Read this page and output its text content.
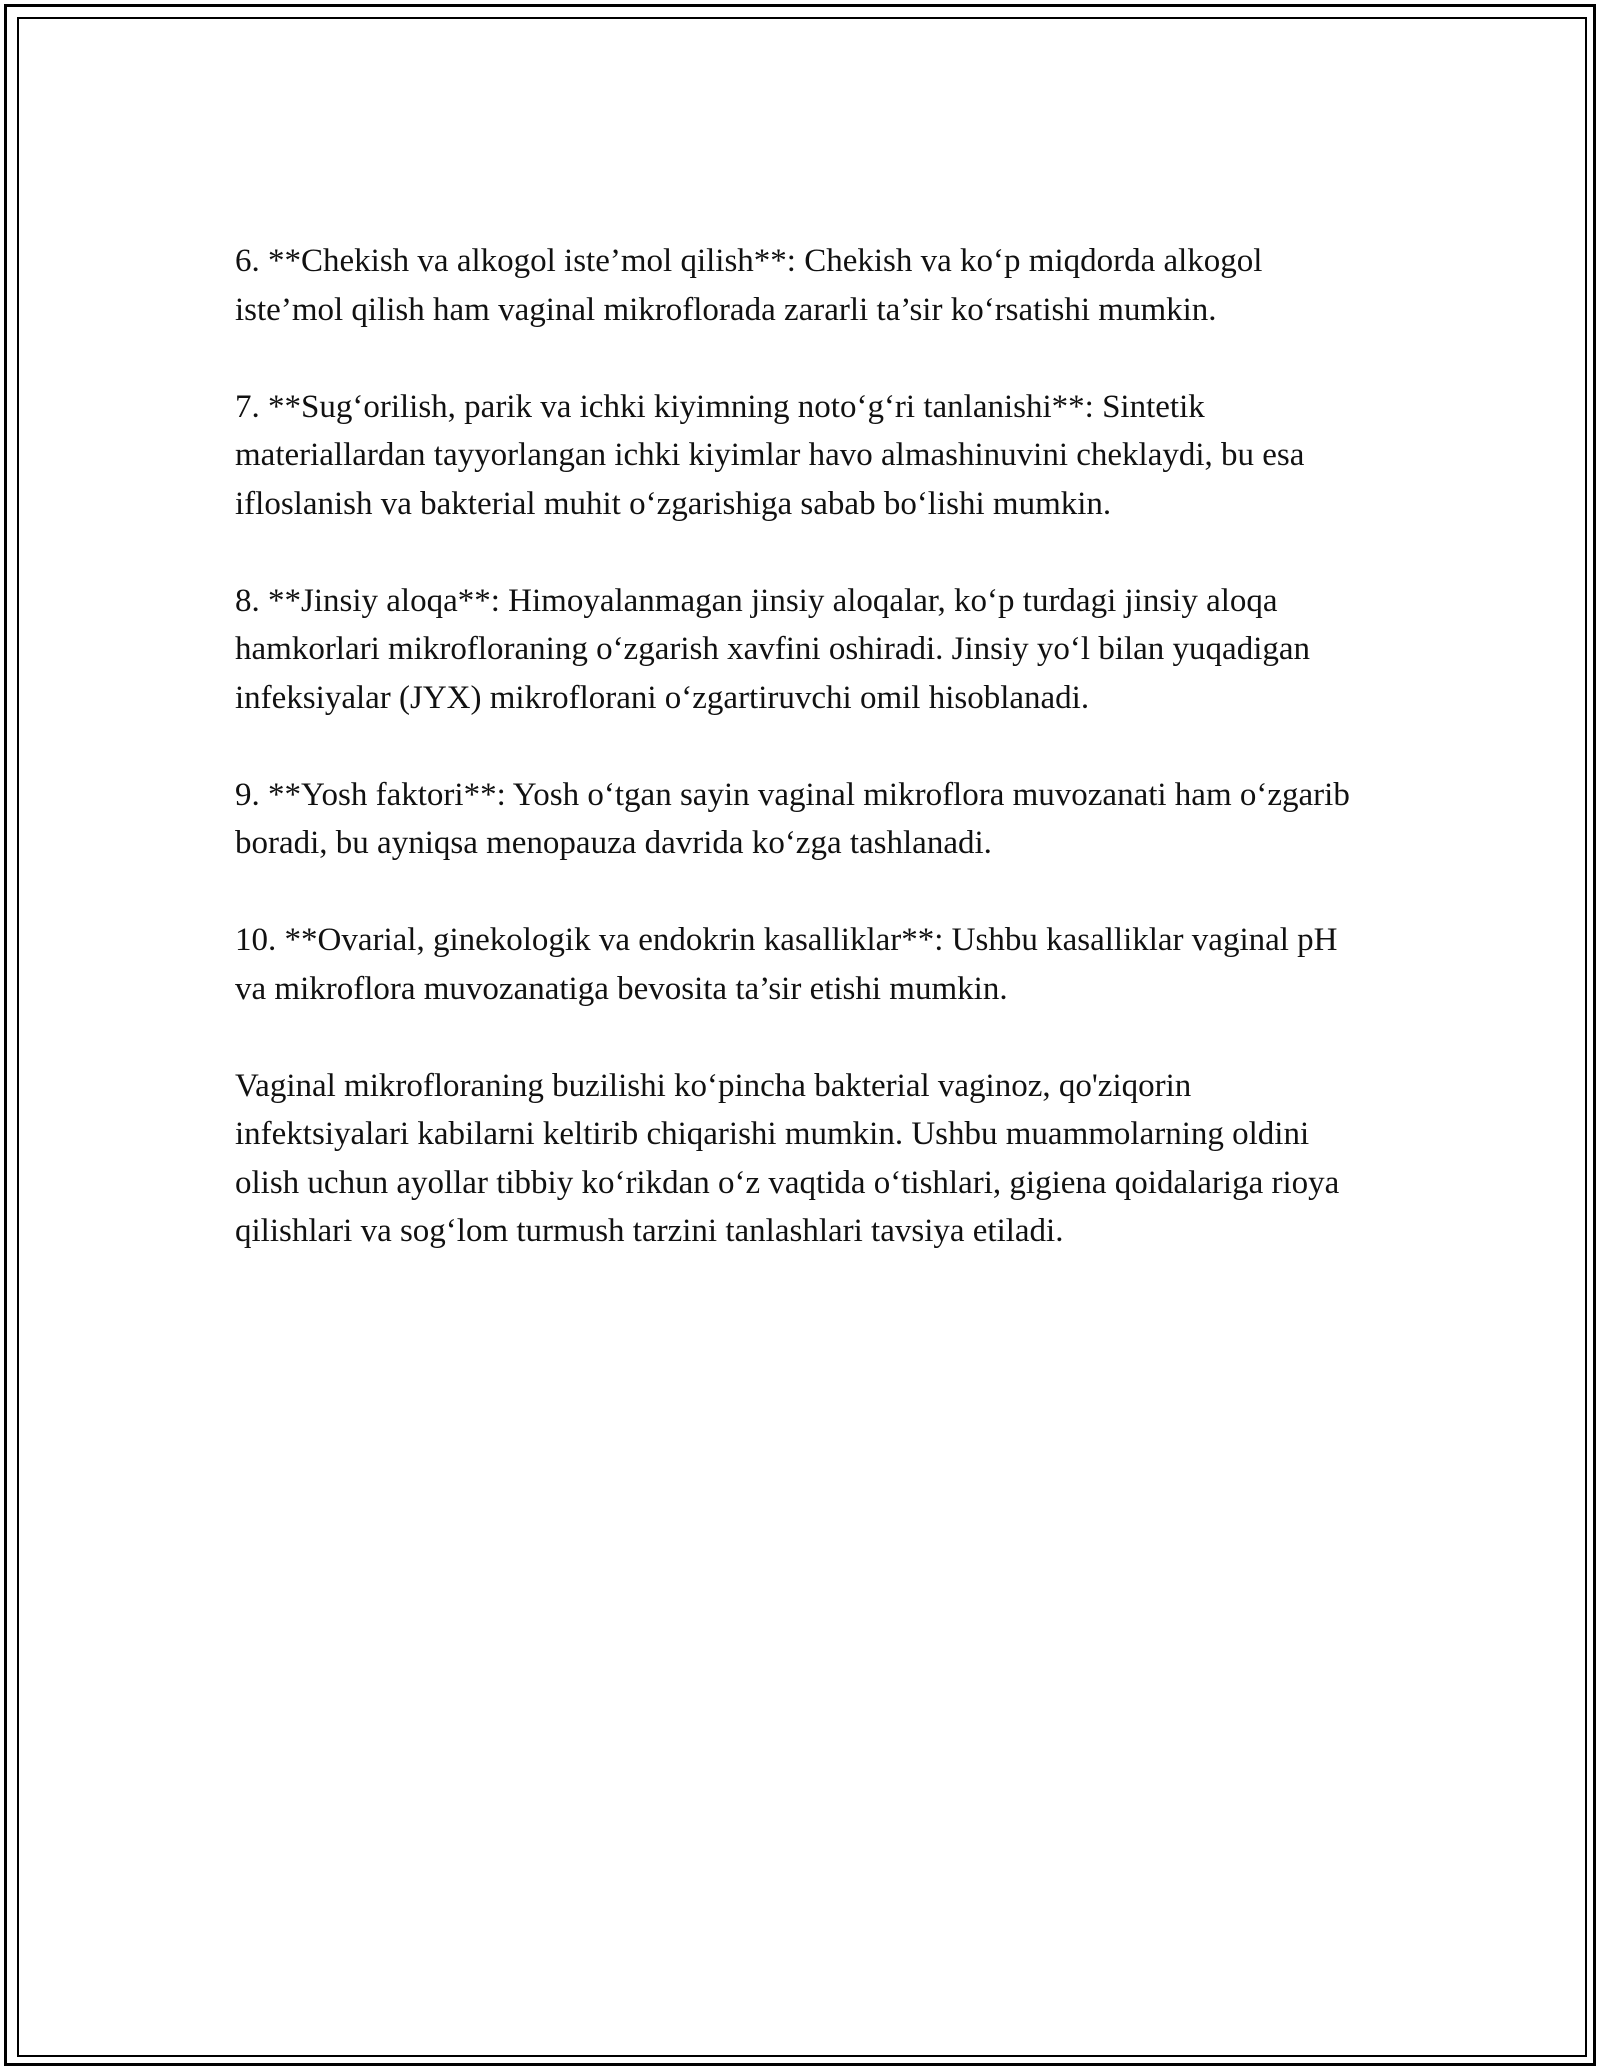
6. **Chekish va alkogol iste’mol qilish**: Chekish va ko‘p miqdorda alkogol iste’mol qilish ham vaginal mikroflorada zararli ta’sir ko‘rsatishi mumkin.

7. **Sug‘orilish, parik va ichki kiyimning noto‘g‘ri tanlanishi**: Sintetik materiallardan tayyorlangan ichki kiyimlar havo almashinuvini cheklaydi, bu esa ifloslanish va bakterial muhit o‘zgarishiga sabab bo‘lishi mumkin.

8. **Jinsiy aloqa**: Himoyalanmagan jinsiy aloqalar, ko‘p turdagi jinsiy aloqa hamkorlari mikrofloraning o‘zgarish xavfini oshiradi. Jinsiy yo‘l bilan yuqadigan infeksiyalar (JYX) mikroflorani o‘zgartiruvchi omil hisoblanadi.

9. **Yosh faktori**: Yosh o‘tgan sayin vaginal mikroflora muvozanati ham o‘zgarib boradi, bu ayniqsa menopauza davrida ko‘zga tashlanadi.

10. **Ovarial, ginekologik va endokrin kasalliklar**: Ushbu kasalliklar vaginal pH va mikroflora muvozanatiga bevosita ta’sir etishi mumkin.

Vaginal mikrofloraning buzilishi ko‘pincha bakterial vaginoz, qo'ziqorin infektsiyalari kabilarni keltirib chiqarishi mumkin. Ushbu muammolarning oldini olish uchun ayollar tibbiy ko‘rikdan o‘z vaqtida o‘tishlari, gigiena qoidalariga rioya qilishlari va sog‘lom turmush tarzini tanlashlari tavsiya etiladi.
